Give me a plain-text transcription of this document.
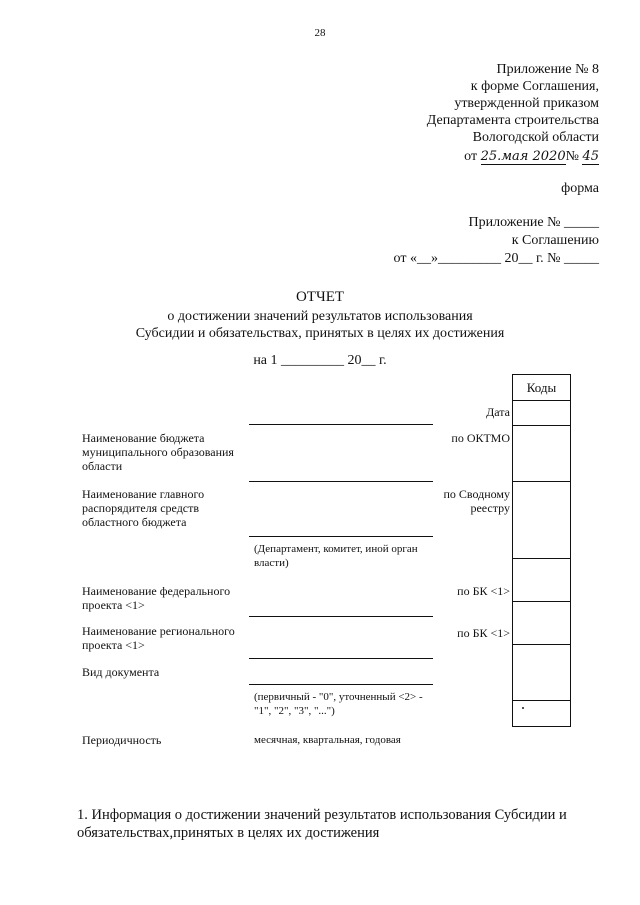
28
Приложение № 8
к форме Соглашения,
утвержденной приказом
Департамента строительства
Вологодской области
от 25.мая 2020№ 45
форма
Приложение № _____
к Соглашению
от «__»_________ 20__ г. № _____
ОТЧЕТ
о достижении значений результатов использования
Субсидии и обязательствах, принятых в целях их достижения
на 1 _________ 20__ г.
Коды
Дата
по ОКТМО
по Сводному реестру
по БК <1>
по БК <1>
Наименование бюджета муниципального образования области
Наименование главного распорядителя средств областного бюджета
Наименование федерального проекта <1>
Наименование регионального проекта <1>
Вид документа
Периодичность
(Департамент, комитет, иной орган власти)
(первичный - "0", уточненный <2> - "1", "2", "3", "...")
месячная, квартальная, годовая
1. Информация о достижении значений результатов использования Субсидии и обязательствах,принятых в целях их достижения
